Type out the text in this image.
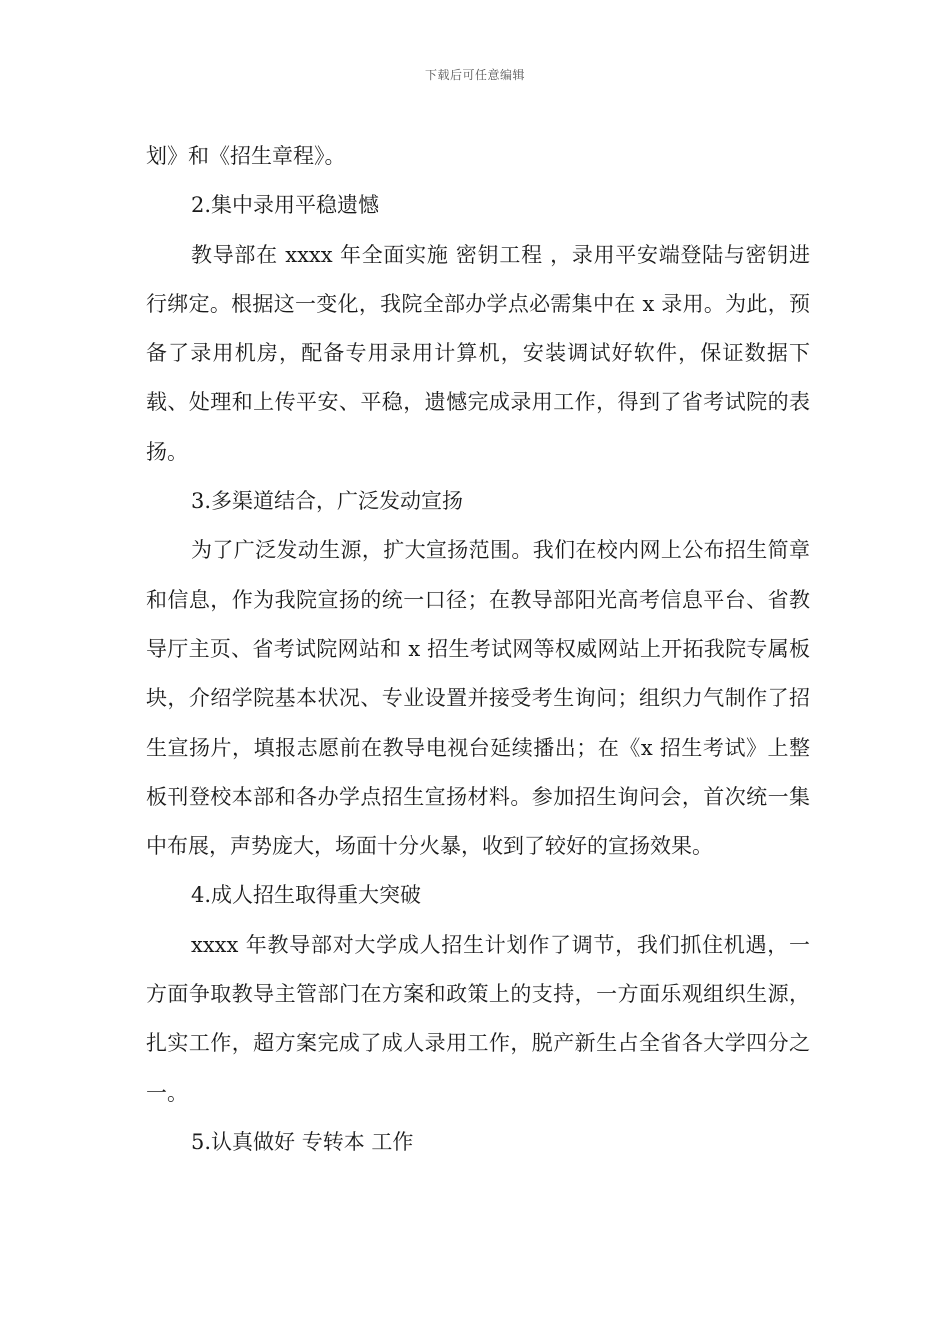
下载后可任意编辑

划》和《招生章程》。

2.集中录用平稳遗憾

教导部在 xxxx 年全面实施 密钥工程 ，录用平安端登陆与密钥进行绑定。根据这一变化，我院全部办学点必需集中在 x 录用。为此，预备了录用机房，配备专用录用计算机，安装调试好软件，保证数据下载、处理和上传平安、平稳，遗憾完成录用工作，得到了省考试院的表扬。

3.多渠道结合，广泛发动宣扬

为了广泛发动生源，扩大宣扬范围。我们在校内网上公布招生简章和信息，作为我院宣扬的统一口径；在教导部阳光高考信息平台、省教导厅主页、省考试院网站和 x 招生考试网等权威网站上开拓我院专属板块，介绍学院基本状况、专业设置并接受考生询问；组织力气制作了招生宣扬片，填报志愿前在教导电视台延续播出；在《x 招生考试》上整板刊登校本部和各办学点招生宣扬材料。参加招生询问会，首次统一集中布展，声势庞大，场面十分火暴，收到了较好的宣扬效果。

4.成人招生取得重大突破

xxxx 年教导部对大学成人招生计划作了调节，我们抓住机遇，一方面争取教导主管部门在方案和政策上的支持，一方面乐观组织生源，扎实工作，超方案完成了成人录用工作，脱产新生占全省各大学四分之一。

5.认真做好 专转本 工作
